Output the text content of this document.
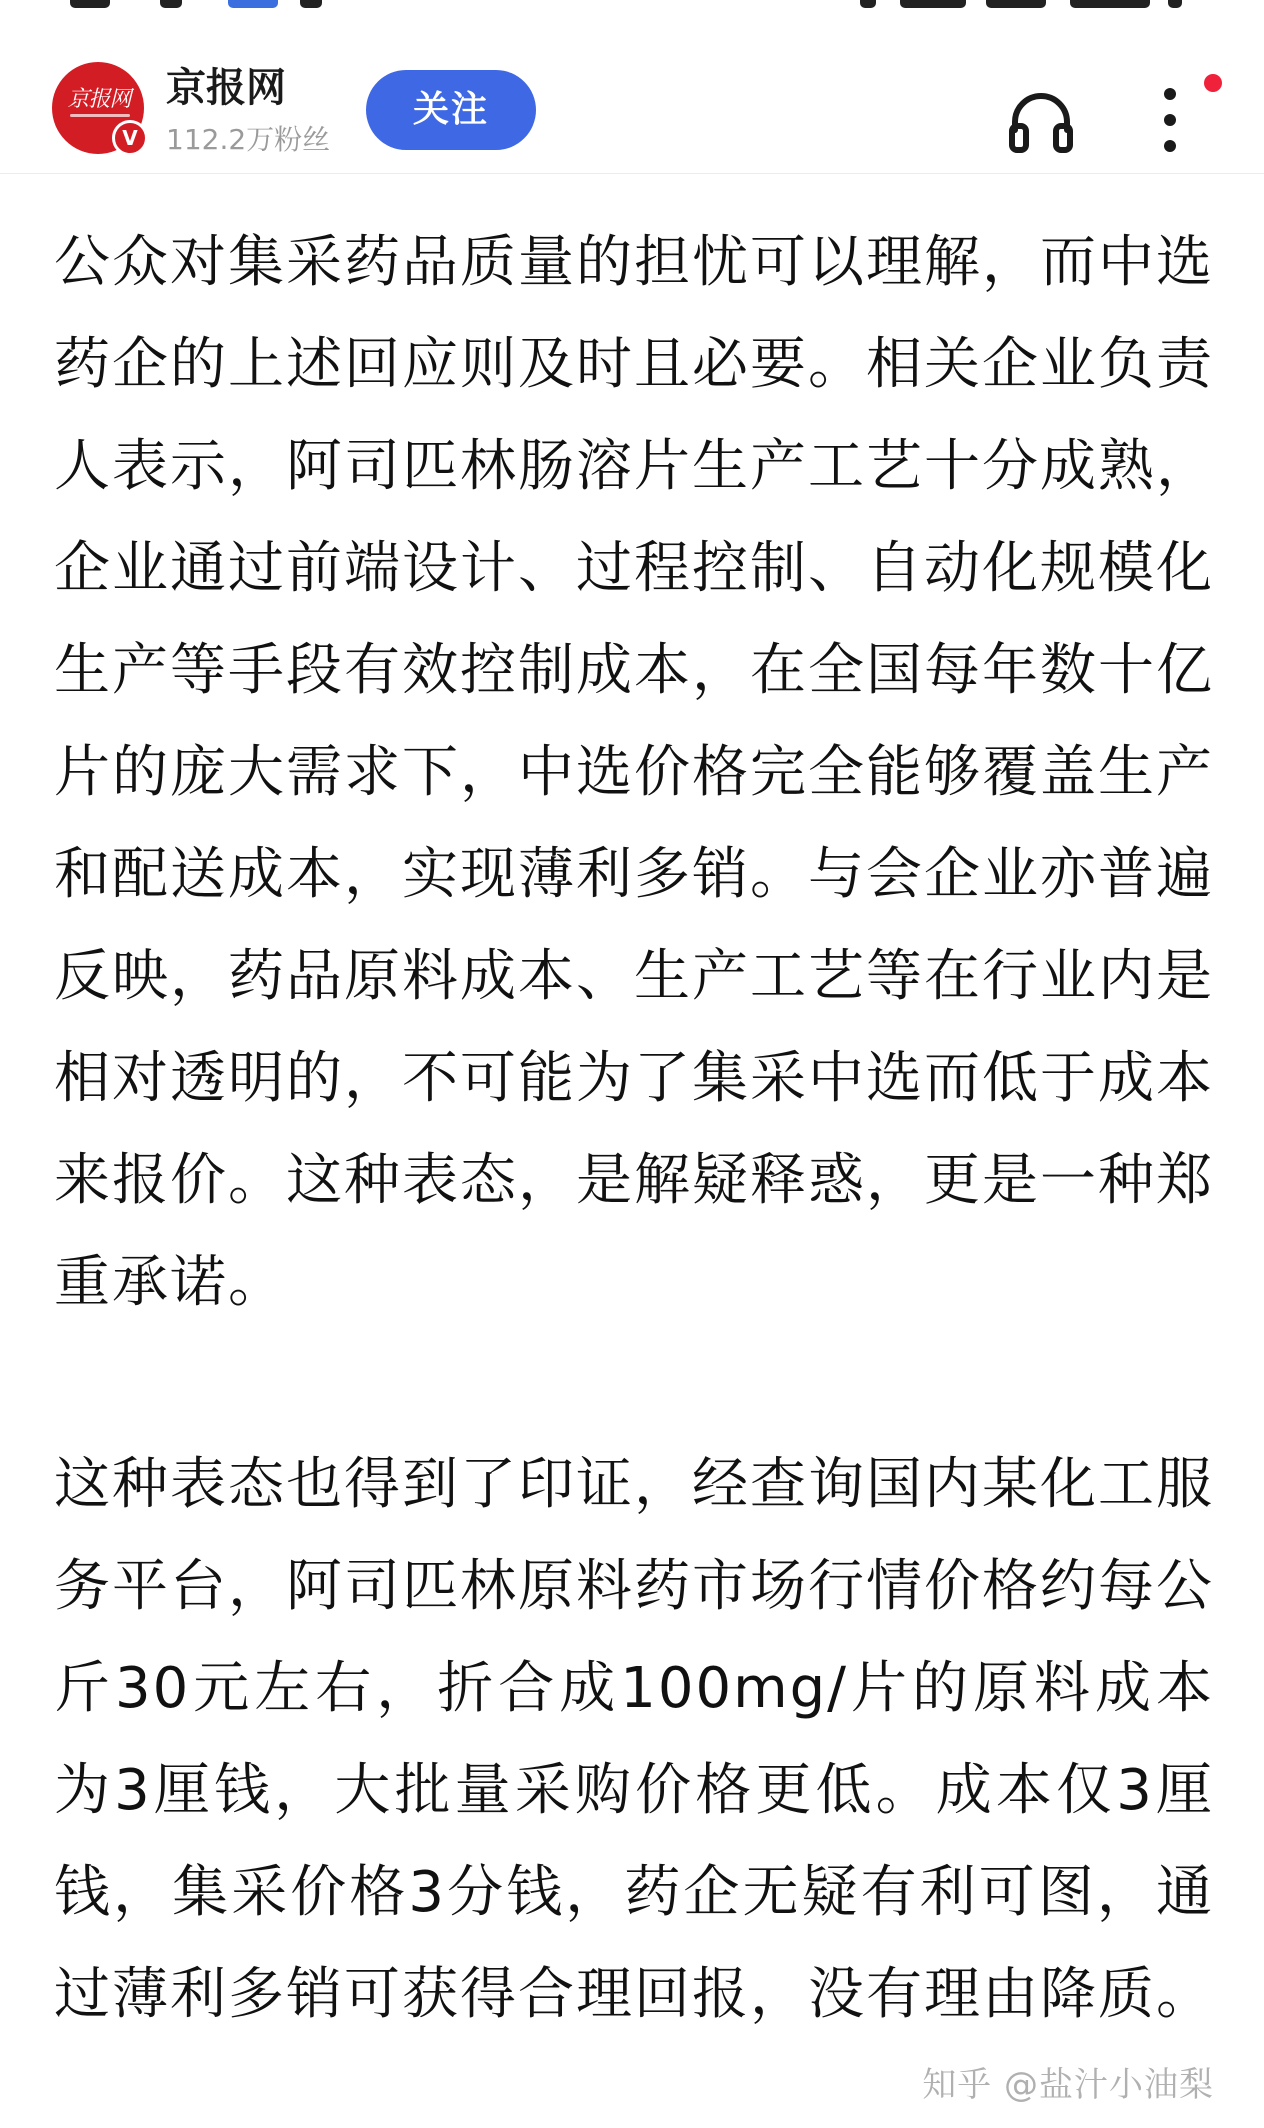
京报网
V
京报网
112.2万粉丝
关注

公众对集采药品质量的担忧可以理解，而中选药企的上述回应则及时且必要。相关企业负责人表示，阿司匹林肠溶片生产工艺十分成熟，企业通过前端设计、过程控制、自动化规模化生产等手段有效控制成本，在全国每年数十亿片的庞大需求下，中选价格完全能够覆盖生产和配送成本，实现薄利多销。与会企业亦普遍反映，药品原料成本、生产工艺等在行业内是相对透明的，不可能为了集采中选而低于成本来报价。这种表态，是解疑释惑，更是一种郑重承诺。

这种表态也得到了印证，经查询国内某化工服务平台，阿司匹林原料药市场行情价格约每公斤30元左右，折合成100mg/片的原料成本为3厘钱，大批量采购价格更低。成本仅3厘钱，集采价格3分钱，药企无疑有利可图，通过薄利多销可获得合理回报，没有理由降质。

知乎 @盐汁小油梨
